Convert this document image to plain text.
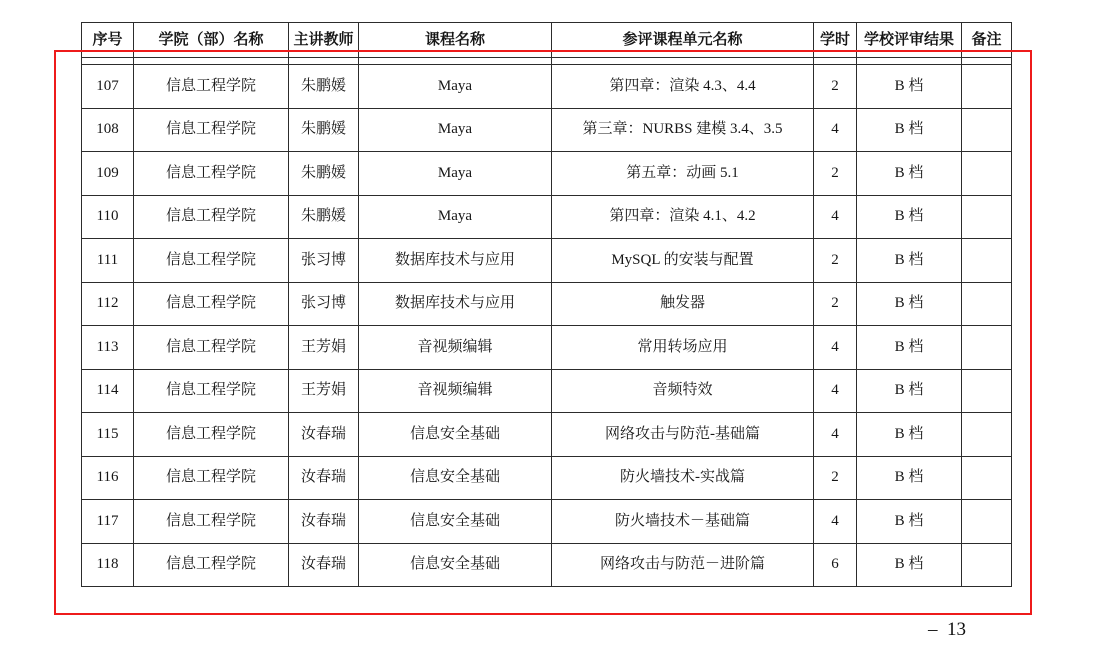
序号	学院（部）名称	主讲教师	课程名称	参评课程单元名称	学时	学校评审结果	备注

107	信息工程学院	朱鹏媛	Maya	第四章：渲染 4.3、4.4	2	B 档	
108	信息工程学院	朱鹏媛	Maya	第三章：NURBS 建模 3.4、3.5	4	B 档	
109	信息工程学院	朱鹏媛	Maya	第五章：动画 5.1	2	B 档	
110	信息工程学院	朱鹏媛	Maya	第四章：渲染 4.1、4.2	4	B 档	
111	信息工程学院	张习博	数据库技术与应用	MySQL 的安装与配置	2	B 档	
112	信息工程学院	张习博	数据库技术与应用	触发器	2	B 档	
113	信息工程学院	王芳娟	音视频编辑	常用转场应用	4	B 档	
114	信息工程学院	王芳娟	音视频编辑	音频特效	4	B 档	
115	信息工程学院	汝春瑞	信息安全基础	网络攻击与防范-基础篇	4	B 档	
116	信息工程学院	汝春瑞	信息安全基础	防火墙技术-实战篇	2	B 档	
117	信息工程学院	汝春瑞	信息安全基础	防火墙技术－基础篇	4	B 档	
118	信息工程学院	汝春瑞	信息安全基础	网络攻击与防范－进阶篇	6	B 档	
–  13
